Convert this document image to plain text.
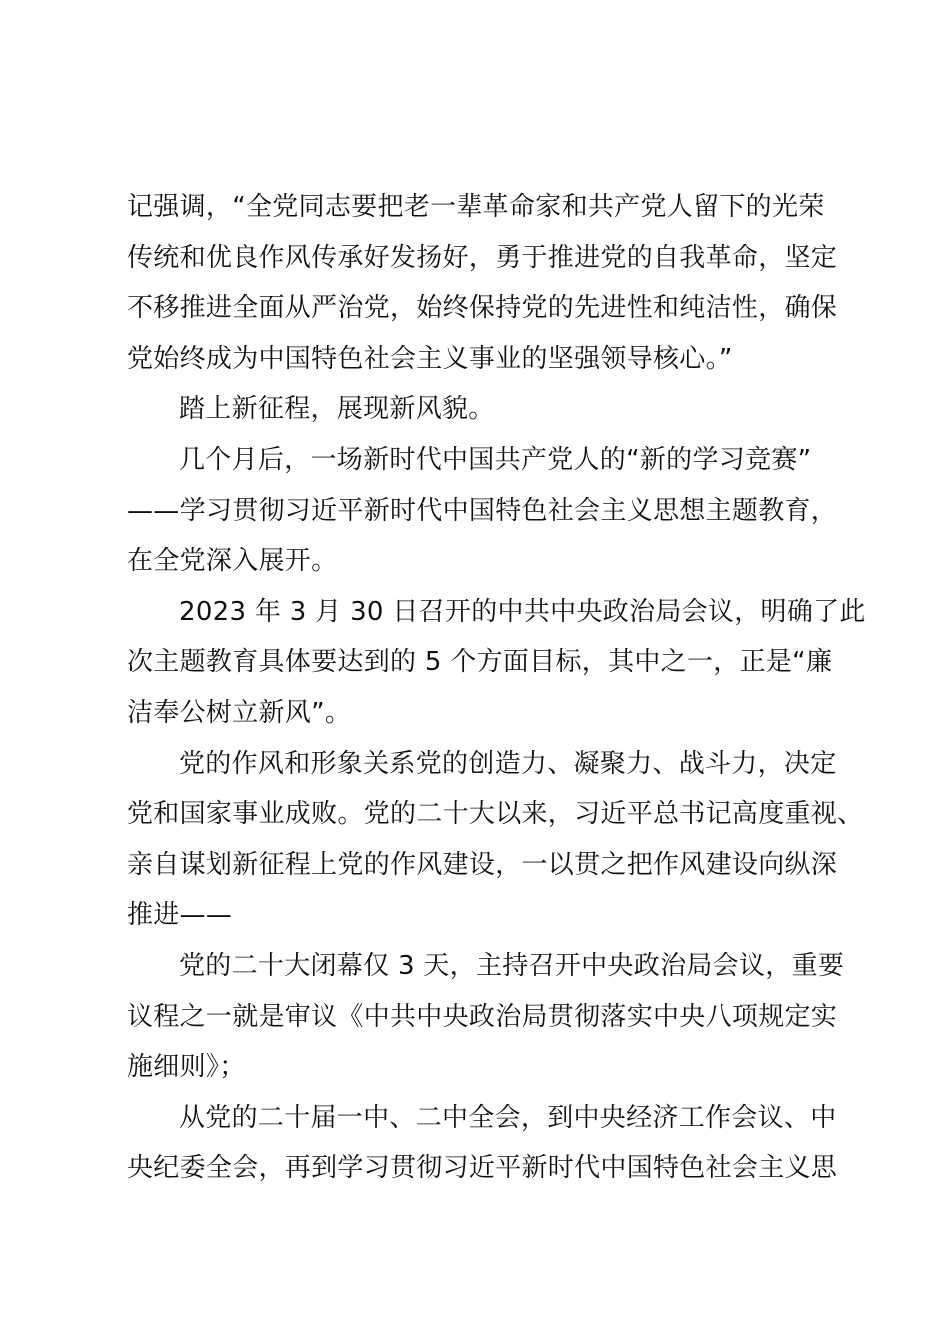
记强调，“全党同志要把老一辈革命家和共产党人留下的光荣
传统和优良作风传承好发扬好，勇于推进党的自我革命，坚定
不移推进全面从严治党，始终保持党的先进性和纯洁性，确保
党始终成为中国特色社会主义事业的坚强领导核心。”
踏上新征程，展现新风貌。
几个月后，一场新时代中国共产党人的“新的学习竞赛”
——学习贯彻习近平新时代中国特色社会主义思想主题教育，
在全党深入展开。
2023 年 3 月 30 日召开的中共中央政治局会议，明确了此
次主题教育具体要达到的 5 个方面目标，其中之一，正是“廉
洁奉公树立新风”。
党的作风和形象关系党的创造力、凝聚力、战斗力，决定
党和国家事业成败。党的二十大以来，习近平总书记高度重视、
亲自谋划新征程上党的作风建设，一以贯之把作风建设向纵深
推进——
党的二十大闭幕仅 3 天，主持召开中央政治局会议，重要
议程之一就是审议《中共中央政治局贯彻落实中央八项规定实
施细则》；
从党的二十届一中、二中全会，到中央经济工作会议、中
央纪委全会，再到学习贯彻习近平新时代中国特色社会主义思
